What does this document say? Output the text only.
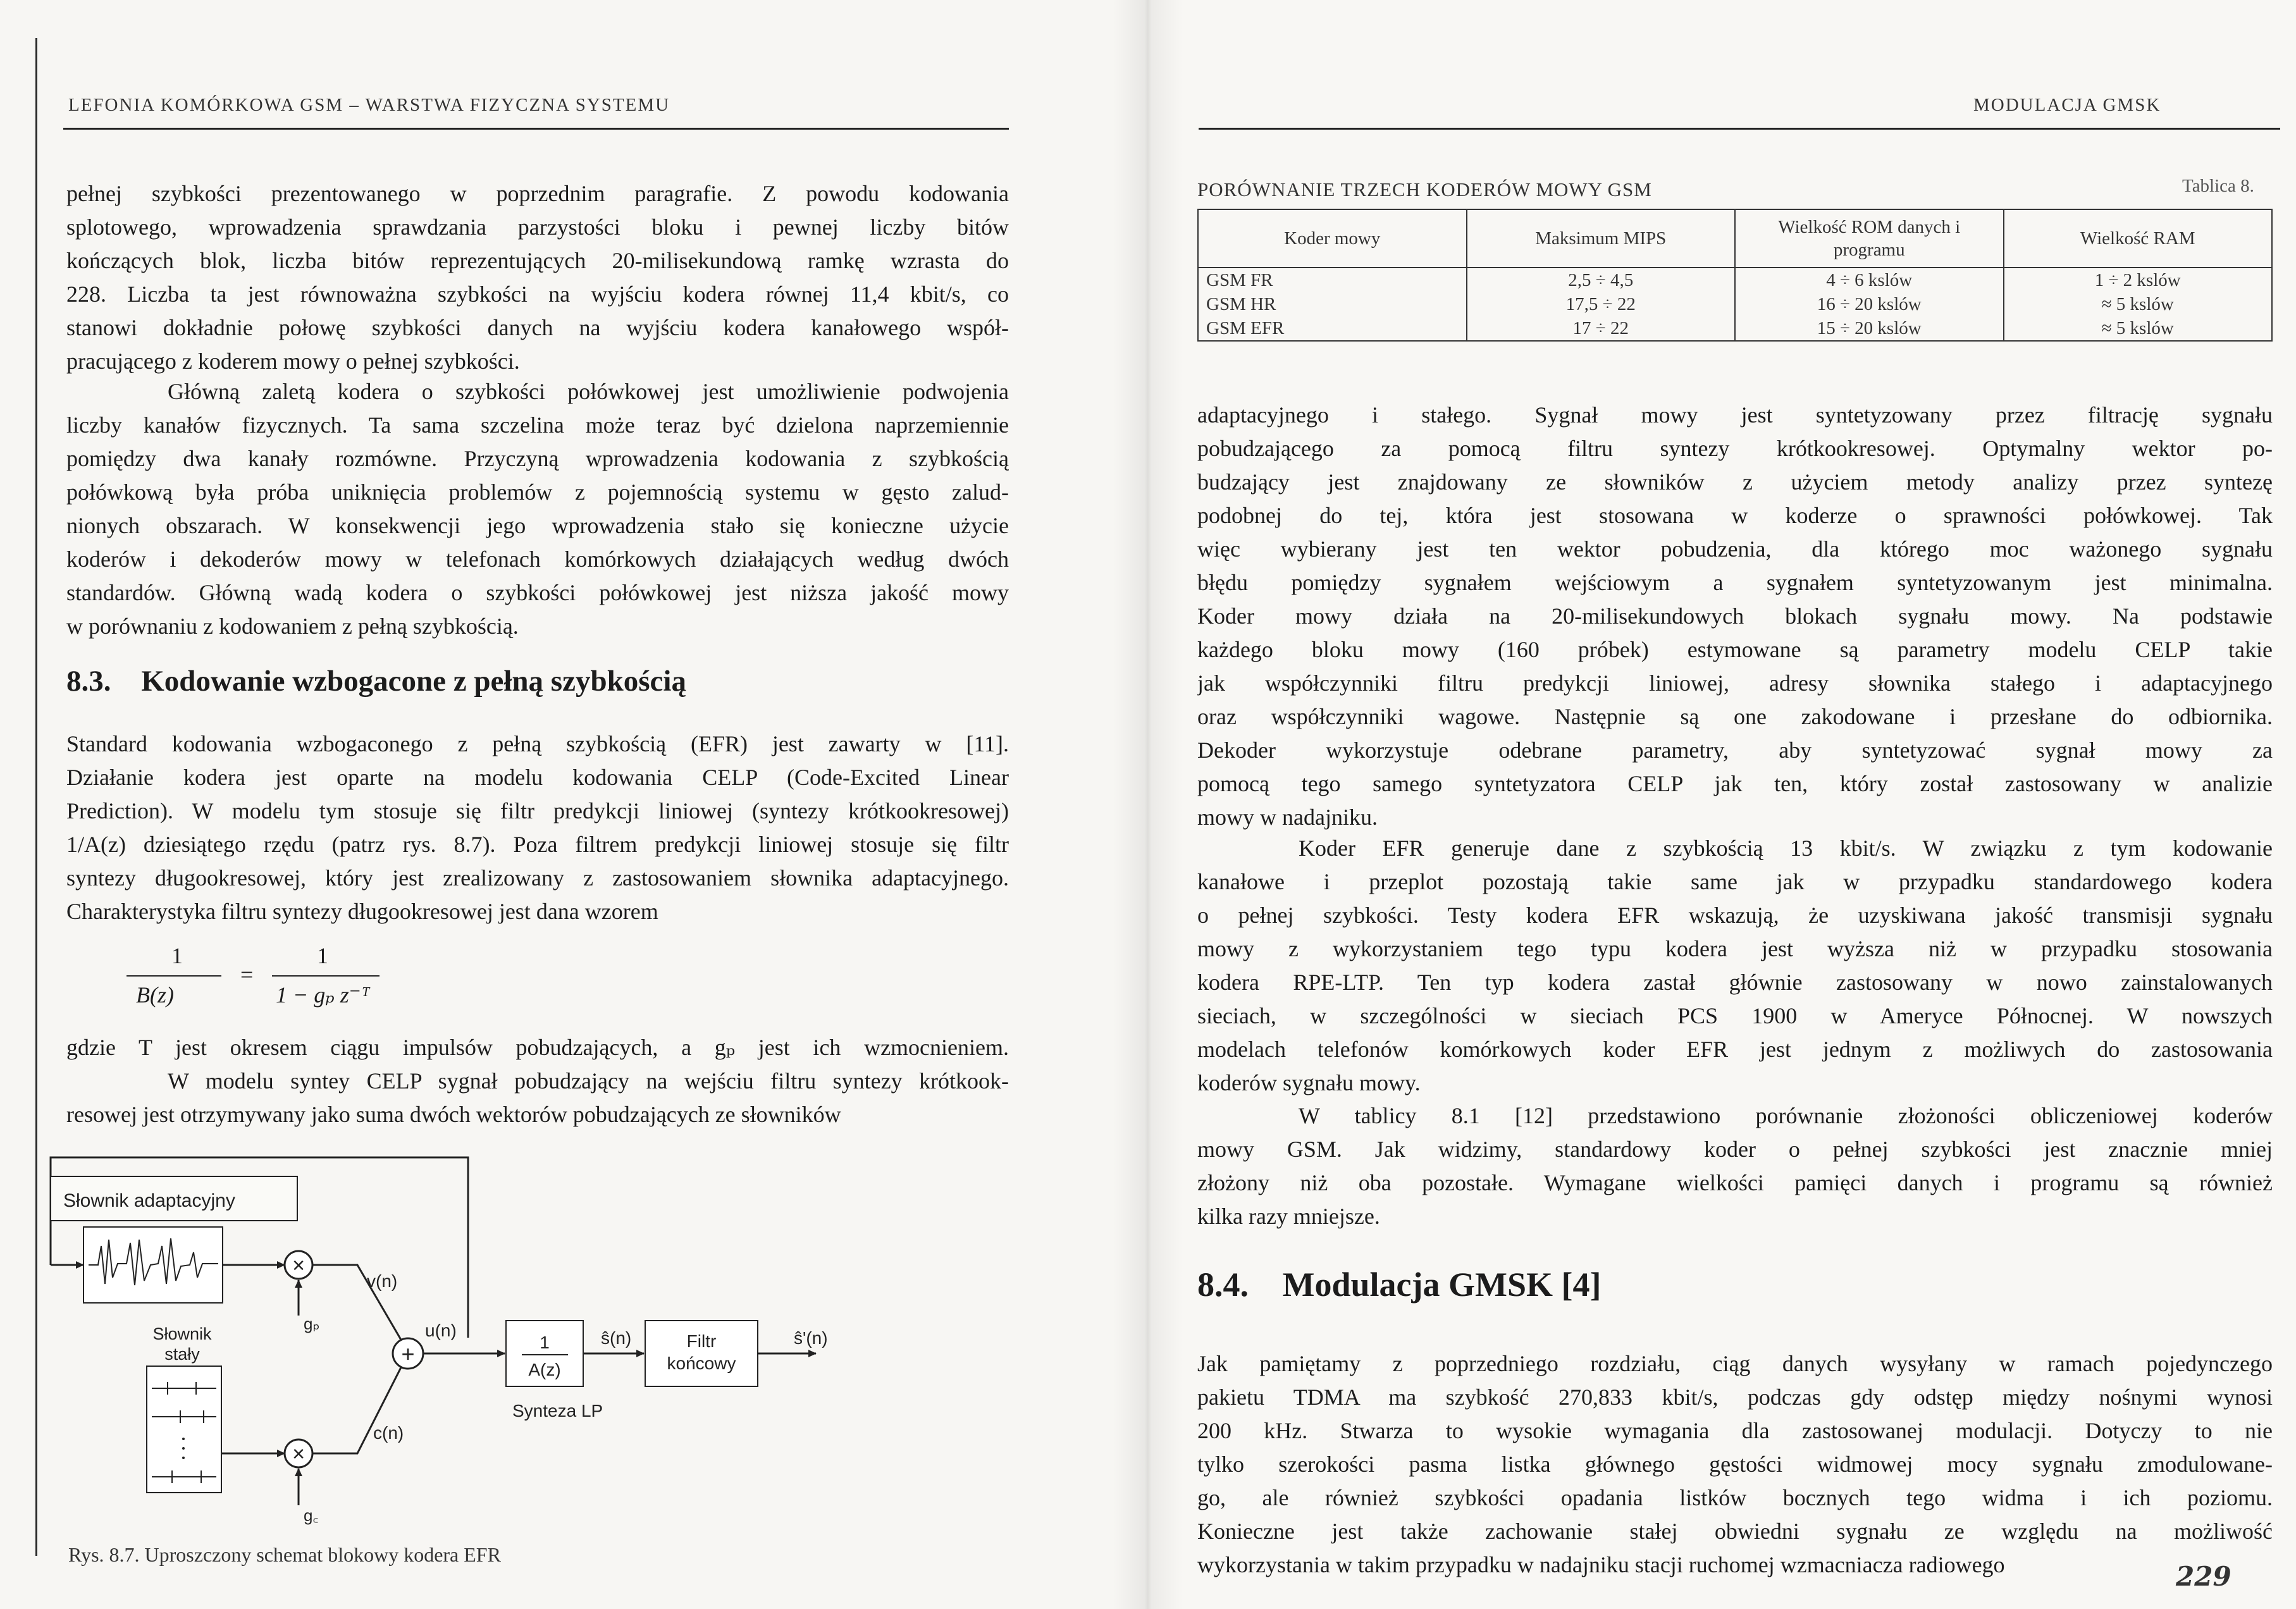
LEFONIA KOMÓRKOWA GSM – WARSTWA FIZYCZNA SYSTEMU
pełnej szybkości prezentowanego w poprzednim paragrafie. Z powodu kodowania
splotowego, wprowadzenia sprawdzania parzystości bloku i pewnej liczby bitów
kończących blok, liczba bitów reprezentujących 20-milisekundową ramkę wzrasta do
228. Liczba ta jest równoważna szybkości na wyjściu kodera równej 11,4 kbit/s, co
stanowi dokładnie połowę szybkości danych na wyjściu kodera kanałowego współ-
pracującego z koderem mowy o pełnej szybkości.
Główną zaletą kodera o szybkości połówkowej jest umożliwienie podwojenia
liczby kanałów fizycznych. Ta sama szczelina może teraz być dzielona naprzemiennie
pomiędzy dwa kanały rozmówne. Przyczyną wprowadzenia kodowania z szybkością
połówkową była próba uniknięcia problemów z pojemnością systemu w gęsto zalud-
nionych obszarach. W konsekwencji jego wprowadzenia stało się konieczne użycie
koderów i dekoderów mowy w telefonach komórkowych działających według dwóch
standardów. Główną wadą kodera o szybkości połówkowej jest niższa jakość mowy
w porównaniu z kodowaniem z pełną szybkością.
8.3. Kodowanie wzbogacone z pełną szybkością
Standard kodowania wzbogaconego z pełną szybkością (EFR) jest zawarty w [11].
Działanie kodera jest oparte na modelu kodowania CELP (Code-Excited Linear
Prediction). W modelu tym stosuje się filtr predykcji liniowej (syntezy krótkookresowej)
1/A(z) dziesiątego rzędu (patrz rys. 8.7). Poza filtrem predykcji liniowej stosuje się filtr
syntezy długookresowej, który jest zrealizowany z zastosowaniem słownika adaptacyjnego.
Charakterystyka filtru syntezy długookresowej jest dana wzorem
1
B(z)
=
1
1 − gₚ z⁻ᵀ
gdzie T jest okresem ciągu impulsów pobudzających, a gₚ jest ich wzmocnieniem.
W modelu syntey CELP sygnał pobudzający na wejściu filtru syntezy krótkook-
resowej jest otrzymywany jako suma dwóch wektorów pobudzających ze słowników
Słownik adaptacyjny
×
gₚ
v(n)
Słownik
stały
×
g꜀
c(n)
+
u(n)
1
A(z)
Synteza LP
ŝ(n)	Filtr
końcowy
ŝ'(n)
Rys. 8.7. Uproszczony schemat blokowy kodera EFR
MODULACJA GMSK
PORÓWNANIE TRZECH KODERÓW MOWY GSM	Tablica 8.
Koder mowy	Maksimum MIPS	Wielkość ROM danych i programu	Wielkość RAM
GSM FR	2,5 ÷ 4,5	4 ÷ 6 kslów	1 ÷ 2 kslów
GSM HR	17,5 ÷ 22	16 ÷ 20 kslów	≈ 5 kslów
GSM EFR	17 ÷ 22	15 ÷ 20 kslów	≈ 5 kslów
adaptacyjnego i stałego. Sygnał mowy jest syntetyzowany przez filtrację sygnału
pobudzającego za pomocą filtru syntezy krótkookresowej. Optymalny wektor po-
budzający jest znajdowany ze słowników z użyciem metody analizy przez syntezę
podobnej do tej, która jest stosowana w koderze o sprawności połówkowej. Tak
więc wybierany jest ten wektor pobudzenia, dla którego moc ważonego sygnału
błędu pomiędzy sygnałem wejściowym a sygnałem syntetyzowanym jest minimalna.
Koder mowy działa na 20-milisekundowych blokach sygnału mowy. Na podstawie
każdego bloku mowy (160 próbek) estymowane są parametry modelu CELP takie
jak współczynniki filtru predykcji liniowej, adresy słownika stałego i adaptacyjnego
oraz współczynniki wagowe. Następnie są one zakodowane i przesłane do odbiornika.
Dekoder wykorzystuje odebrane parametry, aby syntetyzować sygnał mowy za
pomocą tego samego syntetyzatora CELP jak ten, który został zastosowany w analizie
mowy w nadajniku.
Koder EFR generuje dane z szybkością 13 kbit/s. W związku z tym kodowanie
kanałowe i przeplot pozostają takie same jak w przypadku standardowego kodera
o pełnej szybkości. Testy kodera EFR wskazują, że uzyskiwana jakość transmisji sygnału
mowy z wykorzystaniem tego typu kodera jest wyższa niż w przypadku stosowania
kodera RPE-LTP. Ten typ kodera zastał głównie zastosowany w nowo zainstalowanych
sieciach, w szczególności w sieciach PCS 1900 w Ameryce Północnej. W nowszych
modelach telefonów komórkowych koder EFR jest jednym z możliwych do zastosowania
koderów sygnału mowy.
W tablicy 8.1 [12] przedstawiono porównanie złożoności obliczeniowej koderów
mowy GSM. Jak widzimy, standardowy koder o pełnej szybkości jest znacznie mniej
złożony niż oba pozostałe. Wymagane wielkości pamięci danych i programu są również
kilka razy mniejsze.
8.4. Modulacja GMSK [4]
Jak pamiętamy z poprzedniego rozdziału, ciąg danych wysyłany w ramach pojedynczego
pakietu TDMA ma szybkość 270,833 kbit/s, podczas gdy odstęp między nośnymi wynosi
200 kHz. Stwarza to wysokie wymagania dla zastosowanej modulacji. Dotyczy to nie
tylko szerokości pasma listka głównego gęstości widmowej mocy sygnału zmodulowane-
go, ale również szybkości opadania listków bocznych tego widma i ich poziomu.
Konieczne jest także zachowanie stałej obwiedni sygnału ze względu na możliwość
wykorzystania w takim przypadku w nadajniku stacji ruchomej wzmacniacza radiowego	229
